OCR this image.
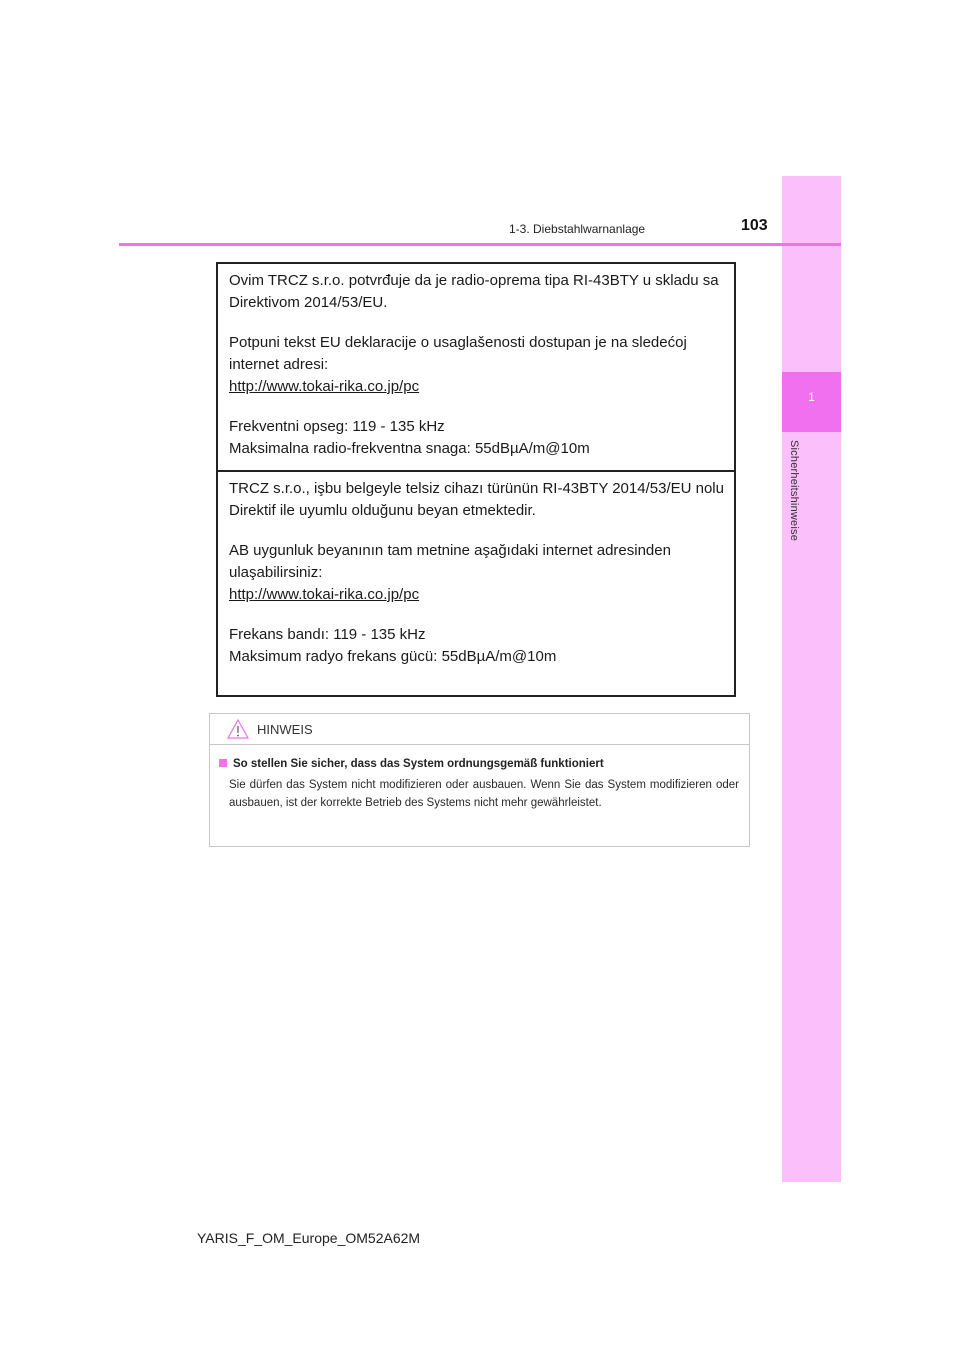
1
Sicherheitshinweise
1-3. Diebstahlwarnanlage	103

Ovim TRCZ s.r.o. potvrđuje da je radio-oprema tipa RI-43BTY u skladu sa Direktivom 2014/53/EU.

Potpuni tekst EU deklaracije o usaglašenosti dostupan je na sledećoj internet adresi:
http://www.tokai-rika.co.jp/pc

Frekventni opseg: 119 - 135 kHz
Maksimalna radio-frekventna snaga: 55dBµA/m@10m

TRCZ s.r.o., işbu belgeyle telsiz cihazı türünün RI-43BTY 2014/53/EU nolu Direktif ile uyumlu olduğunu beyan etmektedir.

AB uygunluk beyanının tam metnine aşağıdaki internet adresinden ulaşabilirsiniz:
http://www.tokai-rika.co.jp/pc

Frekans bandı: 119 - 135 kHz
Maksimum radyo frekans gücü: 55dBµA/m@10m

HINWEIS

So stellen Sie sicher, dass das System ordnungsgemäß funktioniert

Sie dürfen das System nicht modifizieren oder ausbauen. Wenn Sie das System modifizieren oder ausbauen, ist der korrekte Betrieb des Systems nicht mehr gewährleistet.

YARIS_F_OM_Europe_OM52A62M
